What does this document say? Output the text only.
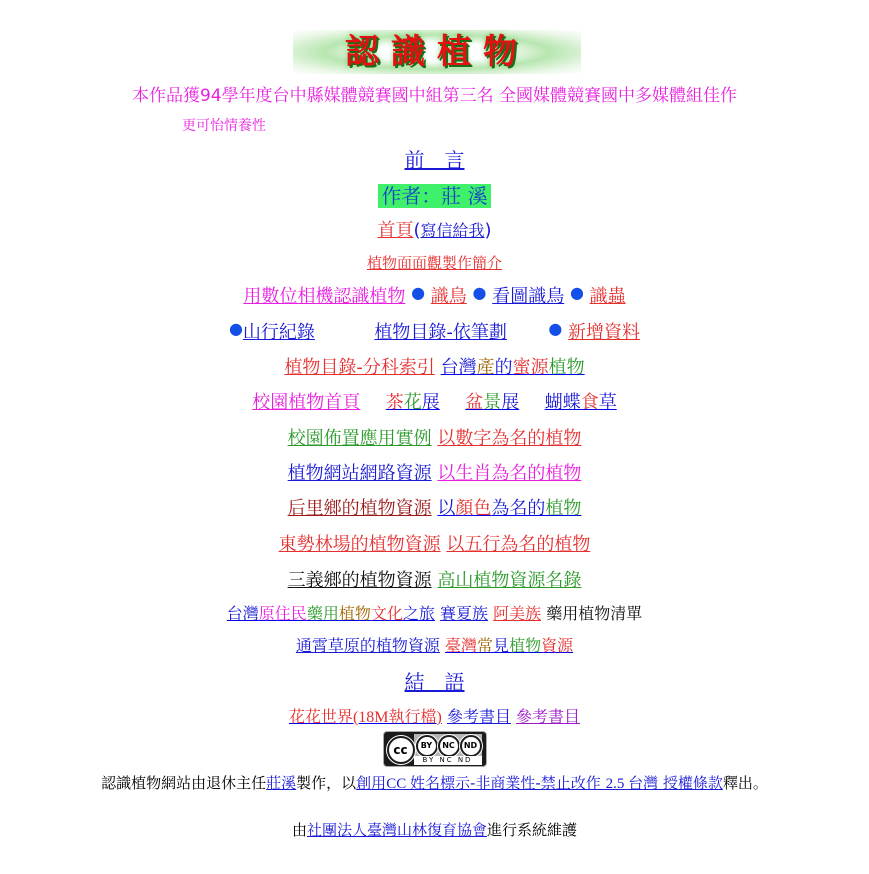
認識植物
本作品獲94學年度台中縣媒體競賽國中組第三名 全國媒體競賽國中多媒體組佳作
更可怡情養性
前　言
作者：莊 溪
首頁(寫信給我)
植物面面觀製作簡介
用數位相機認識植物 ● 識鳥 ● 看圖識鳥 ● 識蟲
●山行紀錄	植物目錄-依筆劃	● 新增資料
植物目錄-分科索引 台灣產的蜜源植物
校園植物首頁 茶花展 盆景展 蝴蝶食草
校園佈置應用實例 以數字為名的植物
植物網站網路資源 以生肖為名的植物
后里鄉的植物資源 以顏色為名的植物
東勢林場的植物資源 以五行為名的植物
三義鄉的植物資源 高山植物資源名錄
台灣原住民藥用植物文化之旅 賽夏族 阿美族 藥用植物清單
通霄草原的植物資源 臺灣常見植物資源
結　語
花花世界(18M執行檔) 參考書目 參考書目
cc	BY	NC	ND
BY NC ND
認識植物網站由退休主任莊溪製作，以創用CC 姓名標示-非商業性-禁止改作 2.5 台灣 授權條款釋出。
由社團法人臺灣山林復育協會進行系統維護
